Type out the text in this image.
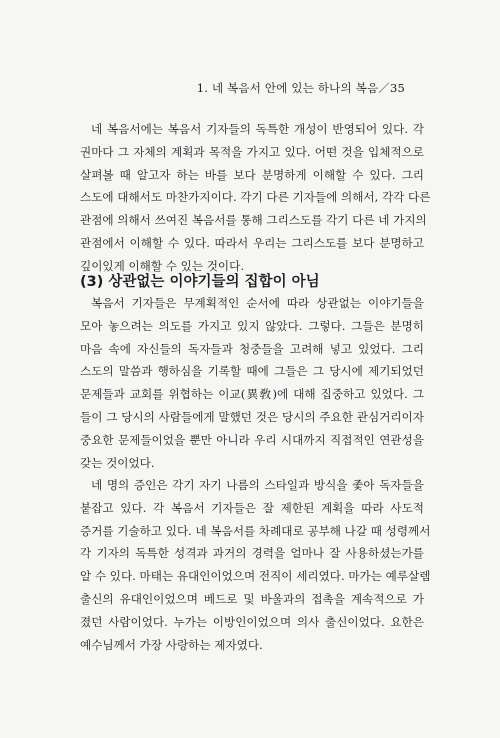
1. 네 복음서 안에 있는 하나의 복음／35
네 복음서에는 복음서 기자들의 독특한 개성이 반영되어 있다. 각
권마다 그 자체의 계획과 목적을 가지고 있다. 어떤 것을 입체적으로
살펴볼 때 알고자 하는 바를 보다 분명하게 이해할 수 있다. 그리
스도에 대해서도 마찬가지이다. 각기 다른 기자들에 의해서, 각각 다른
관점에 의해서 쓰여진 복음서를 통해 그리스도를 각기 다른 네 가지의
관점에서 이해할 수 있다. 따라서 우리는 그리스도를 보다 분명하고
깊이있게 이해할 수 있는 것이다.
(3) 상관없는 이야기들의 집합이 아님
복음서 기자들은 무계획적인 순서에 따라 상관없는 이야기들을
모아 놓으려는 의도를 가지고 있지 않았다. 그렇다. 그들은 분명히
마음 속에 자신들의 독자들과 청중들을 고려해 넣고 있었다. 그리
스도의 말씀과 행하심을 기록할 때에 그들은 그 당시에 제기되었던
문제들과 교회를 위협하는 이교(異敎)에 대해 집중하고 있었다. 그
들이 그 당시의 사람들에게 말했던 것은 당시의 주요한 관심거리이자
중요한 문제들이었을 뿐만 아니라 우리 시대까지 직접적인 연관성을
갖는 것이었다.
네 명의 증인은 각기 자기 나름의 스타일과 방식을 좇아 독자들을
붙잡고 있다. 각 복음서 기자들은 잘 제한된 계획을 따라 사도적
증거를 기술하고 있다. 네 복음서를 차례대로 공부해 나갈 때 성령께서
각 기자의 독특한 성격과 과거의 경력을 얼마나 잘 사용하셨는가를
알 수 있다. 마태는 유대인이었으며 전직이 세리였다. 마가는 예루살렘
출신의 유대인이었으며 베드로 및 바울과의 접촉을 계속적으로 가
졌던 사람이었다. 누가는 이방인이었으며 의사 출신이었다. 요한은
예수님께서 가장 사랑하는 제자였다.
